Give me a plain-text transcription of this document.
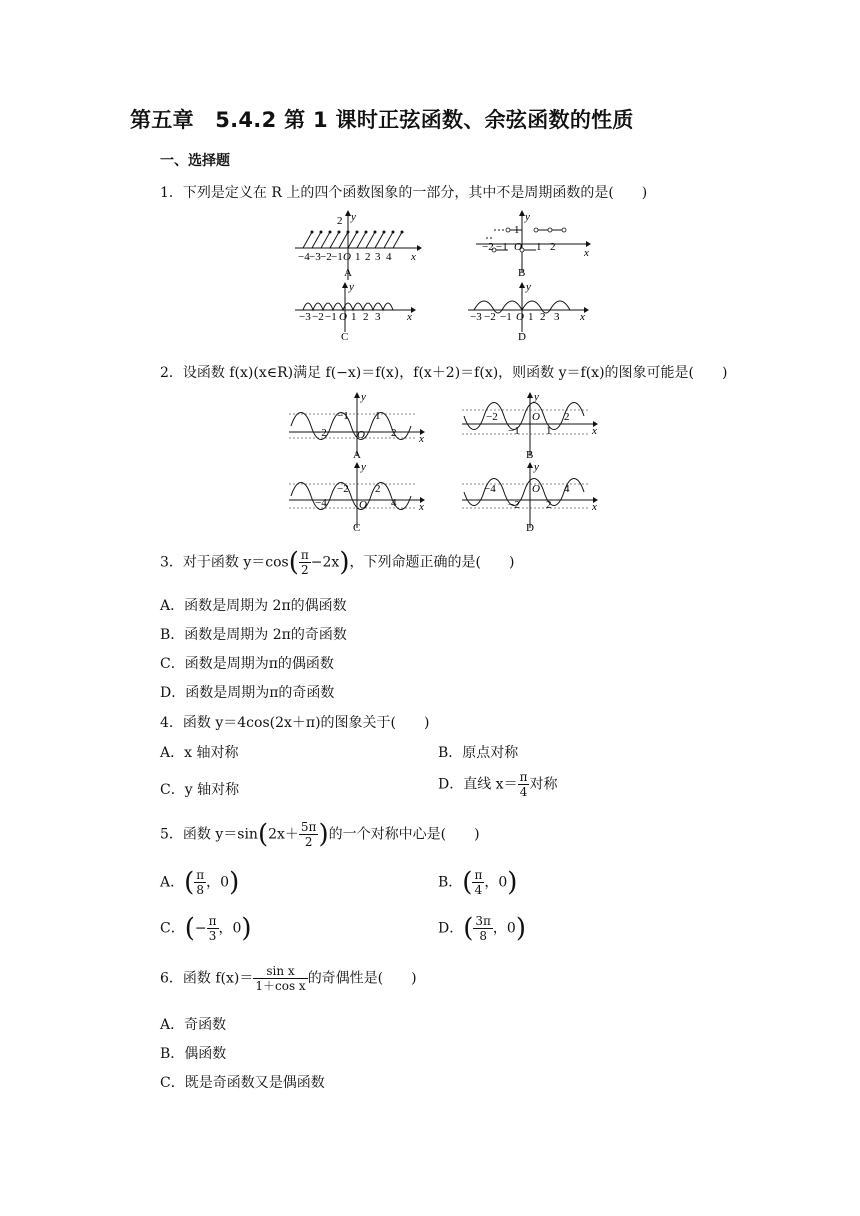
第五章　5.4.2 第 1 课时正弦函数、余弦函数的性质
一、选择题
1．下列是定义在 R 上的四个函数图象的一部分，其中不是周期函数的是(　　)
2 y
x
−4 −3 −2 −1 O 1 2 3 4
A
1
y
x
−2 −1 O 1 2
B
y
x
−3 −2 −1 O 1 2 3
C
y
x
−3 −2 −1 O 1 2 3
D
2．设函数 f(x)(x∈R)满足 f(−x)＝f(x)，f(x＋2)＝f(x)，则函数 y＝f(x)的图象可能是(　　)
y
x
−1 1
−2	O 2
A
y
x
−2	O 2
−1 1
B
y
x
−2 2
−4	O 4
C
y
x
−4	O 4
−2 2
D
3．对于函数 $y=\cos( \frac{\pi}{2} -2x)$，下列命题正确的是(　　)
A．函数是周期为 2π的偶函数
B．函数是周期为 2π的奇函数
C．函数是周期为π的偶函数
D．函数是周期为π的奇函数
4．函数 y＝4cos(2x＋π)的图象关于(　　)
A．x 轴对称	B．原点对称
C．y 轴对称	D．直线 $x= \frac{\pi}{4}$ 对称
5．函数 $y=\sin(2x+ \frac{5\pi}{2}$ )的一个对称中心是(　　)
A．( $\frac{\pi}{8}$ ，0)	B．( $\frac{\pi}{4}$ ，0)
C．(− $\frac{\pi}{3}$ ，0)	D．( $\frac{3\pi}{8}$ ，0)
6．函数 $f(x)= \frac{\text{sin x}}{\text{1＋cos x}}$ 的奇偶性是(　　)
A．奇函数
B．偶函数
C．既是奇函数又是偶函数
